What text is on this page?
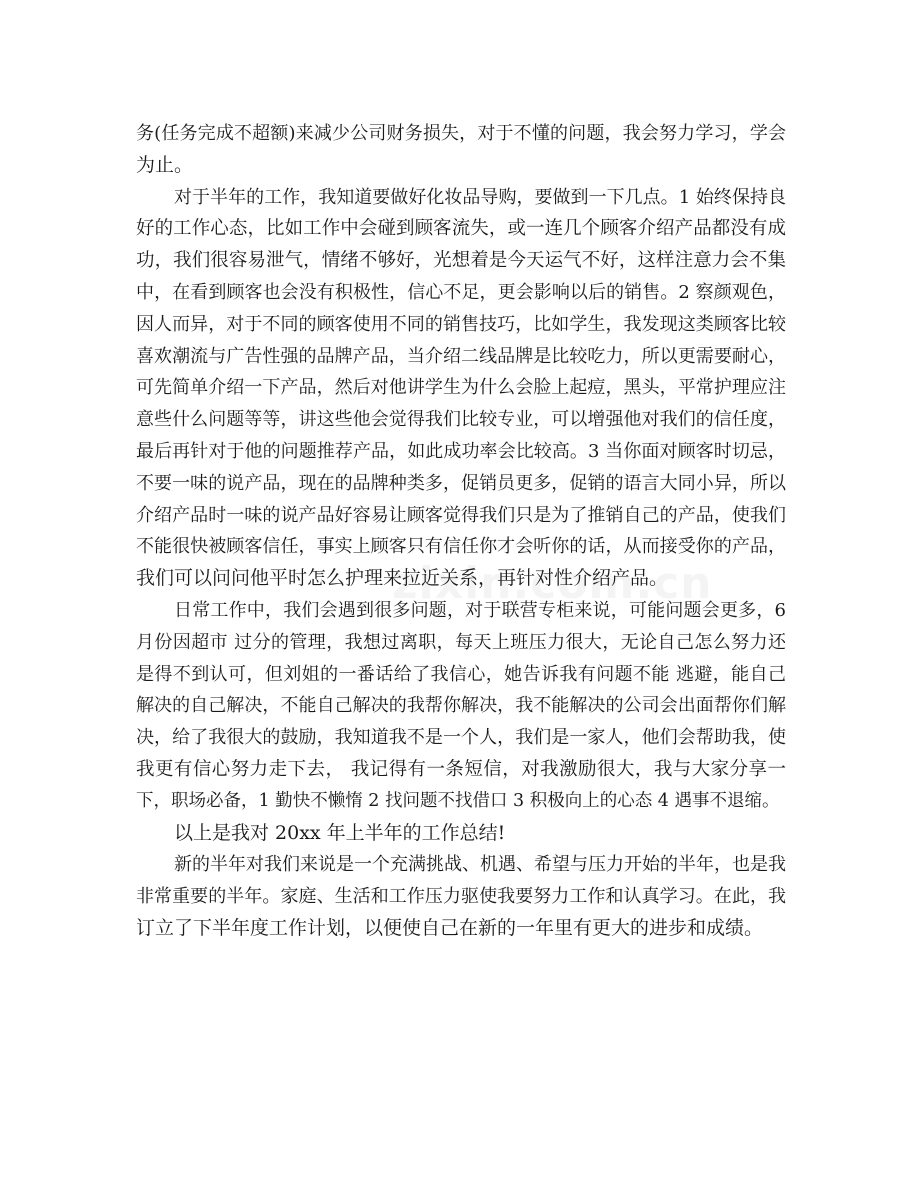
务(任务完成不超额)来减少公司财务损失，对于不懂的问题，我会努力学习，学会
为止。
对于半年的工作，我知道要做好化妆品导购，要做到一下几点。1 始终保持良
好的工作心态，比如工作中会碰到顾客流失，或一连几个顾客介绍产品都没有成
功，我们很容易泄气，情绪不够好，光想着是今天运气不好，这样注意力会不集
中，在看到顾客也会没有积极性，信心不足，更会影响以后的销售。2 察颜观色，
因人而异，对于不同的顾客使用不同的销售技巧，比如学生，我发现这类顾客比较
喜欢潮流与广告性强的品牌产品，当介绍二线品牌是比较吃力，所以更需要耐心，
可先简单介绍一下产品，然后对他讲学生为什么会脸上起痘，黑头，平常护理应注
意些什么问题等等，讲这些他会觉得我们比较专业，可以增强他对我们的信任度，
最后再针对于他的问题推荐产品，如此成功率会比较高。3 当你面对顾客时切忌，
不要一味的说产品，现在的品牌种类多，促销员更多，促销的语言大同小异，所以
介绍产品时一味的说产品好容易让顾客觉得我们只是为了推销自己的产品，使我们
不能很快被顾客信任，事实上顾客只有信任你才会听你的话，从而接受你的产品，
我们可以问问他平时怎么护理来拉近关系，再针对性介绍产品。
日常工作中，我们会遇到很多问题，对于联营专柜来说，可能问题会更多，6
月份因超市 过分的管理，我想过离职，每天上班压力很大，无论自己怎么努力还
是得不到认可，但刘姐的一番话给了我信心，她告诉我有问题不能 逃避，能自己
解决的自己解决，不能自己解决的我帮你解决，我不能解决的公司会出面帮你们解
决，给了我很大的鼓励，我知道我不是一个人，我们是一家人，他们会帮助我，使
我更有信心努力走下去， 我记得有一条短信，对我激励很大，我与大家分享一
下，职场必备，1 勤快不懒惰 2 找问题不找借口 3 积极向上的心态 4 遇事不退缩。
以上是我对 20xx 年上半年的工作总结!
新的半年对我们来说是一个充满挑战、机遇、希望与压力开始的半年，也是我
非常重要的半年。家庭、生活和工作压力驱使我要努力工作和认真学习。在此，我
订立了下半年度工作计划，以便使自己在新的一年里有更大的进步和成绩。
